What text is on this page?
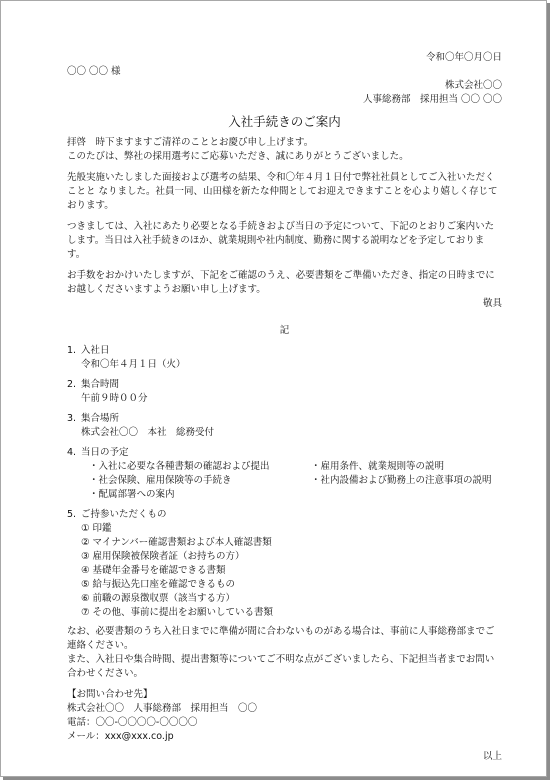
令和〇年〇月〇日

〇〇 〇〇 様

株式会社〇〇

人事総務部　採用担当 〇〇 〇〇

入社手続きのご案内

拝啓　時下ますますご清祥のこととお慶び申し上げます。

このたびは、弊社の採用選考にご応募いただき、誠にありがとうございました。

先般実施いたしました面接および選考の結果、令和〇年４月１日付で弊社社員としてご入社いただくことと なりました。社員一同、山田様を新たな仲間としてお迎えできますことを心より嬉しく存じております。

つきましては、入社にあたり必要となる手続きおよび当日の予定について、下記のとおりご案内いたします。当日は入社手続きのほか、就業規則や社内制度、勤務に関する説明などを予定しております。

お手数をおかけいたしますが、下記をご確認のうえ、必要書類をご準備いただき、指定の日時までにお越しくださいますようお願い申し上げます。

敬具

記

1. 入社日

令和〇年４月１日（火）

2. 集合時間

午前９時００分

3. 集合場所

株式会社〇〇　本社　総務受付

4. 当日の予定
・入社に必要な各種書類の確認および提出	・雇用条件、就業規則等の説明
・社会保険、雇用保険等の手続き	・社内設備および勤務上の注意事項の説明
・配属部署への案内
5. ご持参いただくもの

① 印鑑

② マイナンバー確認書類および本人確認書類

③ 雇用保険被保険者証（お持ちの方）

④ 基礎年金番号を確認できる書類

⑤ 給与振込先口座を確認できるもの

⑥ 前職の源泉徴収票（該当する方）

⑦ その他、事前に提出をお願いしている書類

なお、必要書類のうち入社日までに準備が間に合わないものがある場合は、事前に人事総務部までご連絡ください。

また、入社日や集合時間、提出書類等についてご不明な点がございましたら、下記担当者までお問い合わせください。

【お問い合わせ先】

株式会社〇〇　人事総務部　採用担当　〇〇

電話：〇〇-〇〇〇〇-〇〇〇〇

メール：xxx@xxx.co.jp

以上
